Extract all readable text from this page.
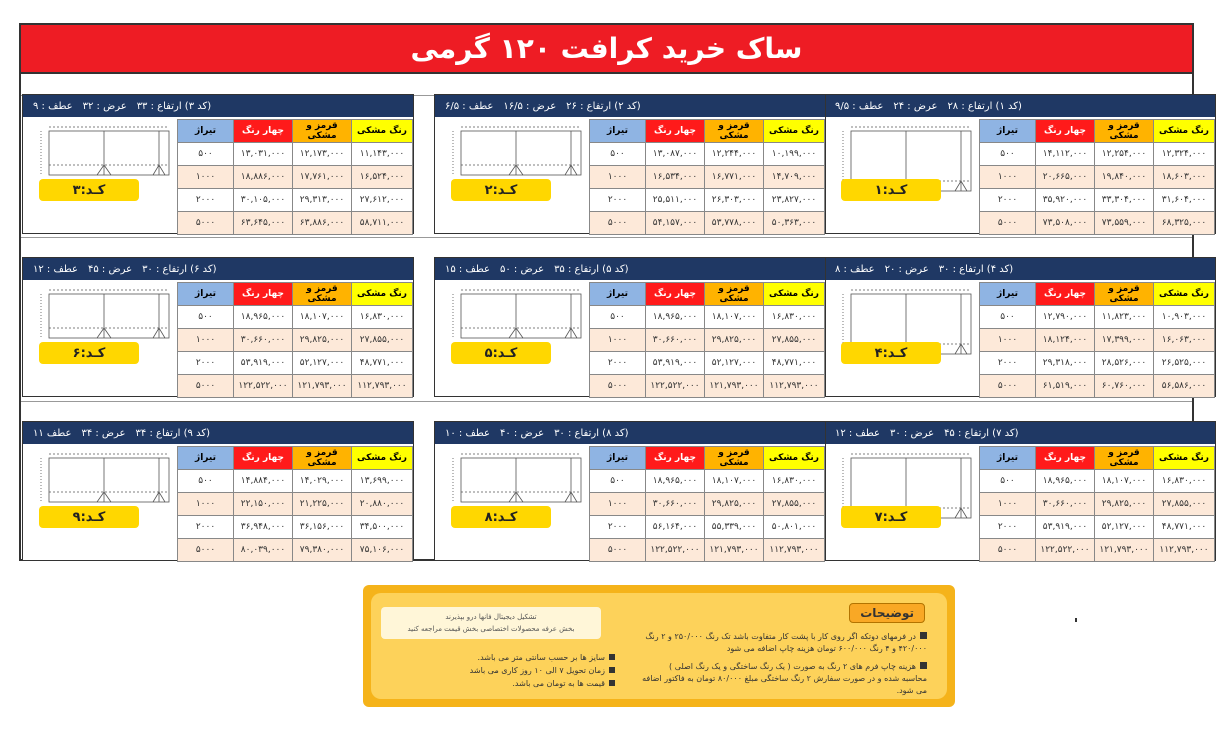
ساک خرید کرافت ۱۲۰ گرمی
(کد ۱) ارتفاع : ۲۸
عرض : ۲۴
عطف : ۹/۵
کـد:۱
رنگ مشکی	قرمز و مشکی	چهار رنگ	تیراژ
۱۲,۳۲۴,۰۰۰	۱۲,۲۵۴,۰۰۰	۱۴,۱۱۲,۰۰۰	۵۰۰
۱۸,۶۰۳,۰۰۰	۱۹,۸۴۰,۰۰۰	۲۰,۶۶۵,۰۰۰	۱۰۰۰
۳۱,۶۰۴,۰۰۰	۳۳,۳۰۴,۰۰۰	۳۵,۹۲۰,۰۰۰	۲۰۰۰
۶۸,۳۲۵,۰۰۰	۷۳,۵۵۹,۰۰۰	۷۳,۵۰۸,۰۰۰	۵۰۰۰
(کد ۲) ارتفاع : ۲۶
عرض : ۱۶/۵
عطف : ۶/۵
کـد:۲
رنگ مشکی	قرمز و مشکی	چهار رنگ	تیراژ
۱۰,۱۹۹,۰۰۰	۱۲,۲۴۴,۰۰۰	۱۳,۰۸۷,۰۰۰	۵۰۰
۱۴,۷۰۹,۰۰۰	۱۶,۷۷۱,۰۰۰	۱۶,۵۳۴,۰۰۰	۱۰۰۰
۲۳,۸۲۷,۰۰۰	۲۶,۳۰۳,۰۰۰	۲۵,۵۱۱,۰۰۰	۲۰۰۰
۵۰,۳۶۳,۰۰۰	۵۳,۷۷۸,۰۰۰	۵۴,۱۵۷,۰۰۰	۵۰۰۰
(کد ۳) ارتفاع : ۳۳
عرض : ۳۲
عطف : ۹
کـد:۳
رنگ مشکی	قرمز و مشکی	چهار رنگ	تیراژ
۱۱,۱۴۳,۰۰۰	۱۲,۱۷۳,۰۰۰	۱۳,۰۳۱,۰۰۰	۵۰۰
۱۶,۵۲۴,۰۰۰	۱۷,۷۶۱,۰۰۰	۱۸,۸۸۶,۰۰۰	۱۰۰۰
۲۷,۶۱۲,۰۰۰	۲۹,۳۱۳,۰۰۰	۳۰,۱۰۵,۰۰۰	۲۰۰۰
۵۸,۷۱۱,۰۰۰	۶۳,۸۸۶,۰۰۰	۶۳,۶۴۵,۰۰۰	۵۰۰۰
(کد ۴) ارتفاع : ۳۰
عرض : ۲۰
عطف : ۸
کـد:۴
رنگ مشکی	قرمز و مشکی	چهار رنگ	تیراژ
۱۰,۹۰۳,۰۰۰	۱۱,۸۲۳,۰۰۰	۱۲,۷۹۰,۰۰۰	۵۰۰
۱۶,۰۶۳,۰۰۰	۱۷,۳۹۹,۰۰۰	۱۸,۱۲۴,۰۰۰	۱۰۰۰
۲۶,۵۲۵,۰۰۰	۲۸,۵۲۶,۰۰۰	۲۹,۳۱۸,۰۰۰	۲۰۰۰
۵۶,۵۸۶,۰۰۰	۶۰,۷۶۰,۰۰۰	۶۱,۵۱۹,۰۰۰	۵۰۰۰
(کد ۵) ارتفاع : ۳۵
عرض : ۵۰
عطف : ۱۵
کـد:۵
رنگ مشکی	قرمز و مشکی	چهار رنگ	تیراژ
۱۶,۸۳۰,۰۰۰	۱۸,۱۰۷,۰۰۰	۱۸,۹۶۵,۰۰۰	۵۰۰
۲۷,۸۵۵,۰۰۰	۲۹,۸۲۵,۰۰۰	۳۰,۶۶۰,۰۰۰	۱۰۰۰
۴۸,۷۷۱,۰۰۰	۵۲,۱۲۷,۰۰۰	۵۳,۹۱۹,۰۰۰	۲۰۰۰
۱۱۲,۷۹۳,۰۰۰	۱۲۱,۷۹۳,۰۰۰	۱۲۲,۵۲۲,۰۰۰	۵۰۰۰
(کد ۶) ارتفاع : ۳۰
عرض : ۴۵
عطف : ۱۲
کـد:۶
رنگ مشکی	قرمز و مشکی	چهار رنگ	تیراژ
۱۶,۸۳۰,۰۰۰	۱۸,۱۰۷,۰۰۰	۱۸,۹۶۵,۰۰۰	۵۰۰
۲۷,۸۵۵,۰۰۰	۲۹,۸۲۵,۰۰۰	۳۰,۶۶۰,۰۰۰	۱۰۰۰
۴۸,۷۷۱,۰۰۰	۵۲,۱۲۷,۰۰۰	۵۳,۹۱۹,۰۰۰	۲۰۰۰
۱۱۲,۷۹۳,۰۰۰	۱۲۱,۷۹۳,۰۰۰	۱۲۲,۵۲۲,۰۰۰	۵۰۰۰
(کد ۷) ارتفاع : ۴۵
عرض : ۳۰
عطف : ۱۲
کـد:۷
رنگ مشکی	قرمز و مشکی	چهار رنگ	تیراژ
۱۶,۸۳۰,۰۰۰	۱۸,۱۰۷,۰۰۰	۱۸,۹۶۵,۰۰۰	۵۰۰
۲۷,۸۵۵,۰۰۰	۲۹,۸۲۵,۰۰۰	۳۰,۶۶۰,۰۰۰	۱۰۰۰
۴۸,۷۷۱,۰۰۰	۵۲,۱۲۷,۰۰۰	۵۳,۹۱۹,۰۰۰	۲۰۰۰
۱۱۲,۷۹۳,۰۰۰	۱۲۱,۷۹۳,۰۰۰	۱۲۲,۵۲۲,۰۰۰	۵۰۰۰
(کد ۸) ارتفاع : ۳۰
عرض : ۴۰
عطف : ۱۰
کـد:۸
رنگ مشکی	قرمز و مشکی	چهار رنگ	تیراژ
۱۶,۸۳۰,۰۰۰	۱۸,۱۰۷,۰۰۰	۱۸,۹۶۵,۰۰۰	۵۰۰
۲۷,۸۵۵,۰۰۰	۲۹,۸۲۵,۰۰۰	۳۰,۶۶۰,۰۰۰	۱۰۰۰
۵۰,۸۰۱,۰۰۰	۵۵,۳۳۹,۰۰۰	۵۶,۱۶۴,۰۰۰	۲۰۰۰
۱۱۲,۷۹۳,۰۰۰	۱۲۱,۷۹۳,۰۰۰	۱۲۲,۵۲۲,۰۰۰	۵۰۰۰
(کد ۹) ارتفاع : ۳۴
عرض : ۳۴
عطف ۱۱
کـد:۹
رنگ مشکی	قرمز و مشکی	چهار رنگ	تیراژ
۱۳,۶۹۹,۰۰۰	۱۴,۰۲۹,۰۰۰	۱۴,۸۸۴,۰۰۰	۵۰۰
۲۰,۸۸۰,۰۰۰	۲۱,۲۲۵,۰۰۰	۲۲,۱۵۰,۰۰۰	۱۰۰۰
۳۴,۵۰۰,۰۰۰	۳۶,۱۵۶,۰۰۰	۳۶,۹۴۸,۰۰۰	۲۰۰۰
۷۵,۱۰۶,۰۰۰	۷۹,۳۸۰,۰۰۰	۸۰,۰۳۹,۰۰۰	۵۰۰۰
توضیحات
تشکیل دیجیتال فانها درو بپذیرند
بخش عرفه محصولات اختصاصی بخش قیمت مراجعه کنید
در فرمهای دوتکه اگر روی کار با پشت کار متفاوت باشد تک رنگ ۲۵۰/۰۰۰ و ۲ رنگ ۴۲۰/۰۰۰ و ۴ رنگ ۶۰۰/۰۰۰ تومان هزینه چاپ اضافه می شود
هزینه چاپ فرم های ۲ رنگ به صورت ( یک رنگ ساختگی و یک رنگ اصلی ) محاسبه شده و در صورت سفارش ۲ رنگ ساختگی مبلغ ۸۰/۰۰۰ تومان به فاکتور اضافه می شود.
سایز ها بر حسب سانتی متر می باشد.
زمان تحویل ۷ الی ۱۰ روز کاری می باشد
قیمت ها به تومان می باشد.
